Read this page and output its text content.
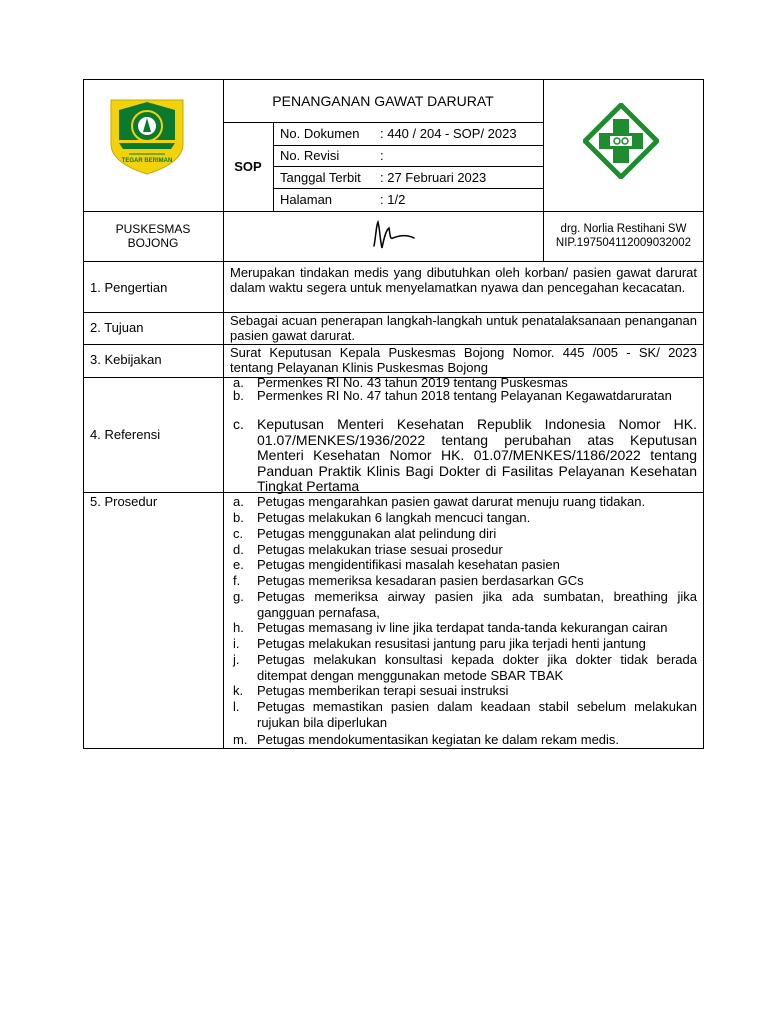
TEGAR BERIMAN
PENANGANAN GAWAT DARURAT
SOP
No. Dokumen : 440 / 204 - SOP/ 2023
No. Revisi	:
Tanggal Terbit : 27 Februari 2023
Halaman	: 1/2
PUSKESMAS
BOJONG
drg. Norlia Restihani SW
NIP.197504112009032002
1. Pengertian
Merupakan tindakan medis yang dibutuhkan oleh korban/ pasien gawat darurat dalam waktu segera untuk menyelamatkan nyawa dan pencegahan kecacatan.
2. Tujuan	Sebagai acuan penerapan langkah-langkah untuk penatalaksanaan penanganan pasien gawat darurat.
3. Kebijakan	Surat Keputusan Kepala Puskesmas Bojong Nomor. 445 /005 - SK/ 2023 tentang Pelayanan Klinis Puskesmas Bojong
4. Referensi
a.	Permenkes RI No. 43 tahun 2019 tentang Puskesmas
b.	Permenkes RI No. 47 tahun 2018 tentang Pelayanan Kegawatdaruratan
c. Keputusan Menteri Kesehatan Republik Indonesia Nomor HK. 01.07/MENKES/1936/2022 tentang perubahan atas Keputusan Menteri Kesehatan Nomor HK. 01.07/MENKES/1186/2022 tentang Panduan Praktik Klinis Bagi Dokter di Fasilitas Pelayanan Kesehatan Tingkat Pertama
5. Prosedur	a.	Petugas mengarahkan pasien gawat darurat menuju ruang tidakan.
b.	Petugas melakukan 6 langkah mencuci tangan.
c.	Petugas menggunakan alat pelindung diri
d.	Petugas melakukan triase sesuai prosedur
e.	Petugas mengidentifikasi masalah kesehatan pasien
f.	Petugas memeriksa kesadaran pasien berdasarkan GCs
g.	Petugas memeriksa airway pasien jika ada sumbatan, breathing jika gangguan pernafasa,
h.	Petugas memasang iv line jika terdapat tanda-tanda kekurangan cairan
i.	Petugas melakukan resusitasi jantung paru jika terjadi henti jantung
j.	Petugas melakukan konsultasi kepada dokter jika dokter tidak berada ditempat dengan menggunakan metode SBAR TBAK
k.	Petugas memberikan terapi sesuai instruksi
l.	Petugas memastikan pasien dalam keadaan stabil sebelum melakukan rujukan bila diperlukan
m. Petugas mendokumentasikan kegiatan ke dalam rekam medis.
